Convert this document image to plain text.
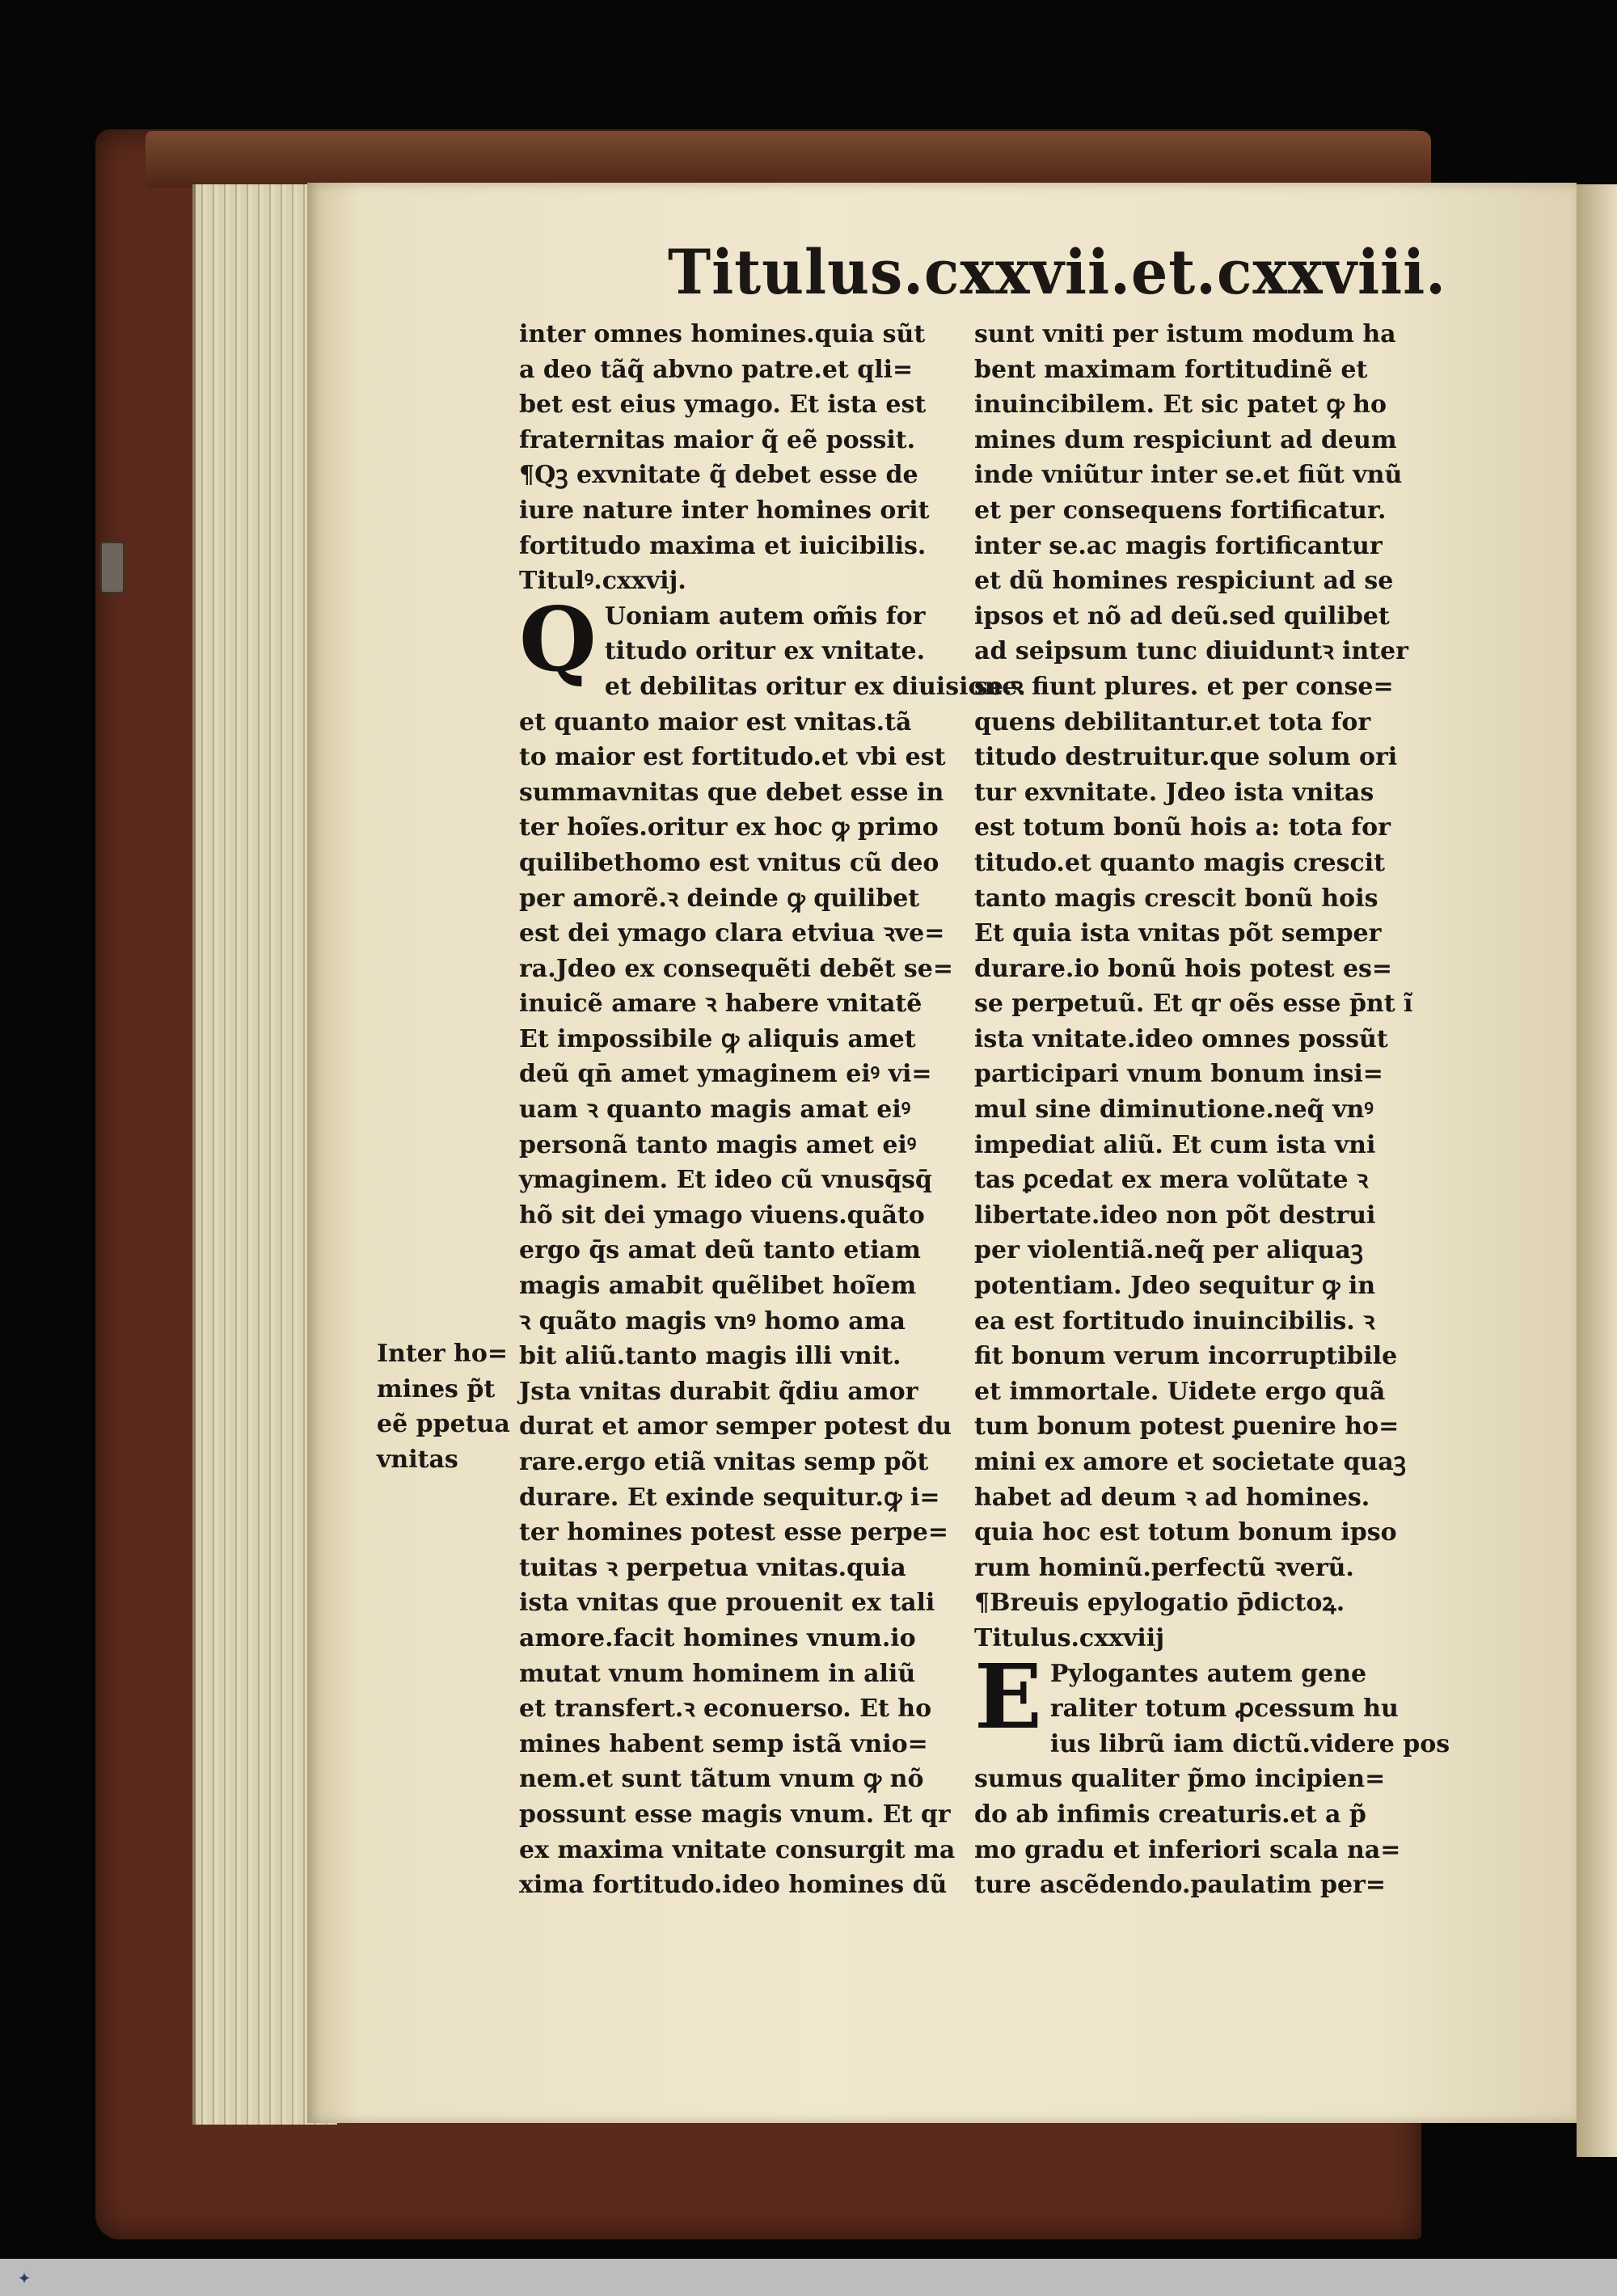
Titulus.cxxvii.et.cxxviii.
inter omnes homines.quia sũt
a deo tãq̃ abvno patre.et qli=
bet est eius ymago. Et ista est
fraternitas maior q̃ eẽ possit.
¶Qꝫ exvnitate q̃ debet esse de
iure nature inter homines orit
fortitudo maxima et iuicibilis.
Titulꝰ.cxxvij.
Q Uoniam autem om̃is for
titudo oritur ex vnitate.
et debilitas oritur ex diuisione.
et quanto maior est vnitas.tã
to maior est fortitudo.et vbi est
summavnitas que debet esse in
ter hoĩes.oritur ex hoc ꝙ primo
quilibethomo est vnitus cũ deo
per amorẽ.ꝛ deinde ꝙ quilibet
est dei ymago clara etviua ꝛve=
ra.Jdeo ex consequẽti debẽt se=
inuicẽ amare ꝛ habere vnitatẽ
Et impossibile ꝙ aliquis amet
deũ qn̄ amet ymaginem eiꝰ vi=
uam ꝛ quanto magis amat eiꝰ
personã tanto magis amet eiꝰ
ymaginem. Et ideo cũ vnusq̄sq̄
hõ sit dei ymago viuens.quãto
ergo q̄s amat deũ tanto etiam
magis amabit quẽlibet hoĩem
ꝛ quãto magis vnꝰ homo ama
bit aliũ.tanto magis illi vnit.
Jsta vnitas durabit q̃diu amor
durat et amor semper potest du
rare.ergo etiã vnitas semp põt
durare. Et exinde sequitur.ꝙ i=
ter homines potest esse perpe=
tuitas ꝛ perpetua vnitas.quia
ista vnitas que prouenit ex tali
amore.facit homines vnum.io
mutat vnum hominem in aliũ
et transfert.ꝛ econuerso. Et ho
mines habent semp istã vnio=
nem.et sunt tãtum vnum ꝙ nõ
possunt esse magis vnum. Et qr
ex maxima vnitate consurgit ma
xima fortitudo.ideo homines dũ
sunt vniti per istum modum ha
bent maximam fortitudinẽ et
inuincibilem. Et sic patet ꝙ ho
mines dum respiciunt ad deum
inde vniũtur inter se.et fiũt vnũ
et per consequens fortificatur.
inter se.ac magis fortificantur
et dũ homines respiciunt ad se
ipsos et nõ ad deũ.sed quilibet
ad seipsum tunc diuiduntꝛ inter
se.ꝛ fiunt plures. et per conse=
quens debilitantur.et tota for
titudo destruitur.que solum ori
tur exvnitate. Jdeo ista vnitas
est totum bonũ hois a: tota for
titudo.et quanto magis crescit
tanto magis crescit bonũ hois
Et quia ista vnitas põt semper
durare.io bonũ hois potest es=
se perpetuũ. Et qr oẽs esse p̄nt ĩ
ista vnitate.ideo omnes possũt
participari vnum bonum insi=
mul sine diminutione.neq̃ vnꝰ
impediat aliũ. Et cum ista vni
tas ꝑcedat ex mera volũtate ꝛ
libertate.ideo non põt destrui
per violentiã.neq̃ per aliquaꝫ
potentiam. Jdeo sequitur ꝙ in
ea est fortitudo inuincibilis. ꝛ
fit bonum verum incorruptibile
et immortale. Uidete ergo quã
tum bonum potest ꝑuenire ho=
mini ex amore et societate quaꝫ
habet ad deum ꝛ ad homines.
quia hoc est totum bonum ipso
rum hominũ.perfectũ ꝛverũ.
¶Breuis epylogatio p̄dictoꝝ.
Titulus.cxxviij
E Pylogantes autem gene
raliter totum ꝓcessum hu
ius librũ iam dictũ.videre pos
sumus qualiter p̃mo incipien=
do ab infimis creaturis.et a p̃
mo gradu et inferiori scala na=
ture ascẽdendo.paulatim per=
Inter ho=
mines p̃t
eẽ ppetua
vnitas
✦
